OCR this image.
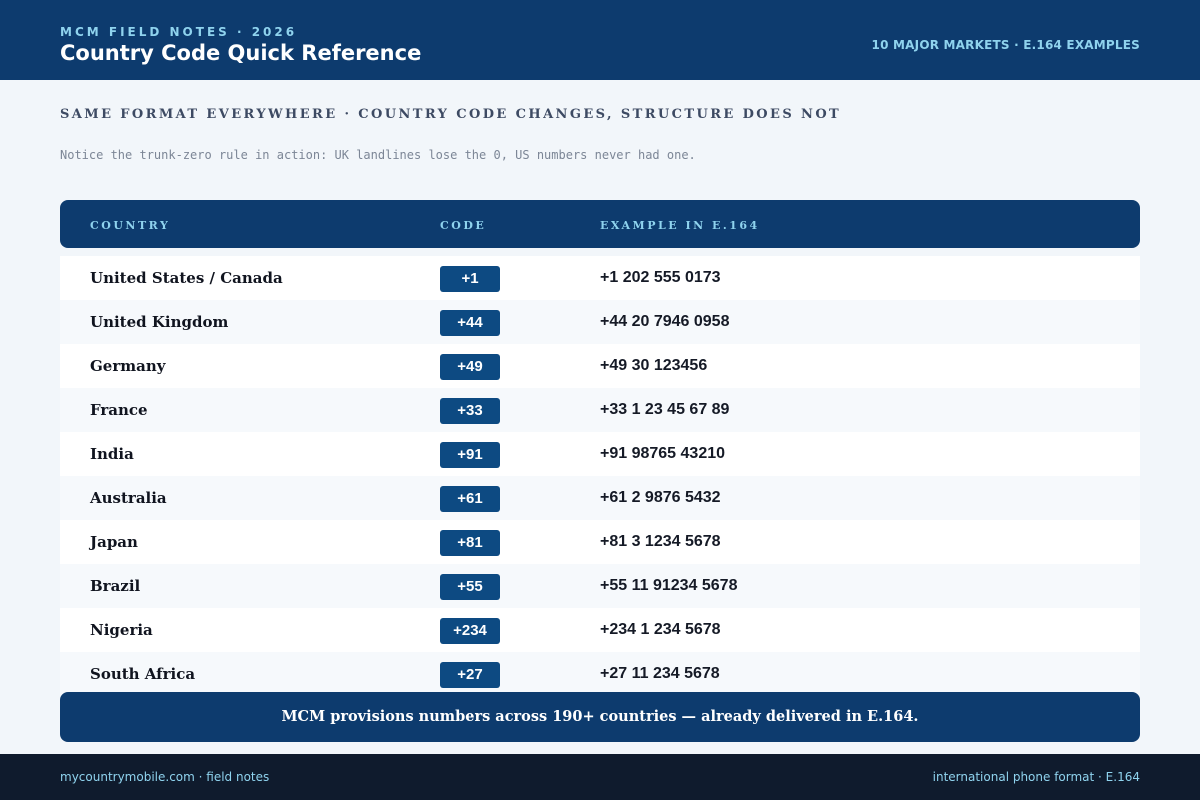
MCM FIELD NOTES · 2026
Country Code Quick Reference	10 MAJOR MARKETS · E.164 EXAMPLES
SAME FORMAT EVERYWHERE · COUNTRY CODE CHANGES, STRUCTURE DOES NOT
Notice the trunk-zero rule in action: UK landlines lose the 0, US numbers never had one.
COUNTRY	CODE	EXAMPLE IN E.164
United States / Canada	+1	+1 202 555 0173
United Kingdom	+44	+44 20 7946 0958
Germany	+49	+49 30 123456
France	+33	+33 1 23 45 67 89
India	+91	+91 98765 43210
Australia	+61	+61 2 9876 5432
Japan	+81	+81 3 1234 5678
Brazil	+55	+55 11 91234 5678
Nigeria	+234	+234 1 234 5678
South Africa	+27	+27 11 234 5678
MCM provisions numbers across 190+ countries — already delivered in E.164.
mycountrymobile.com · field notes	international phone format · E.164
